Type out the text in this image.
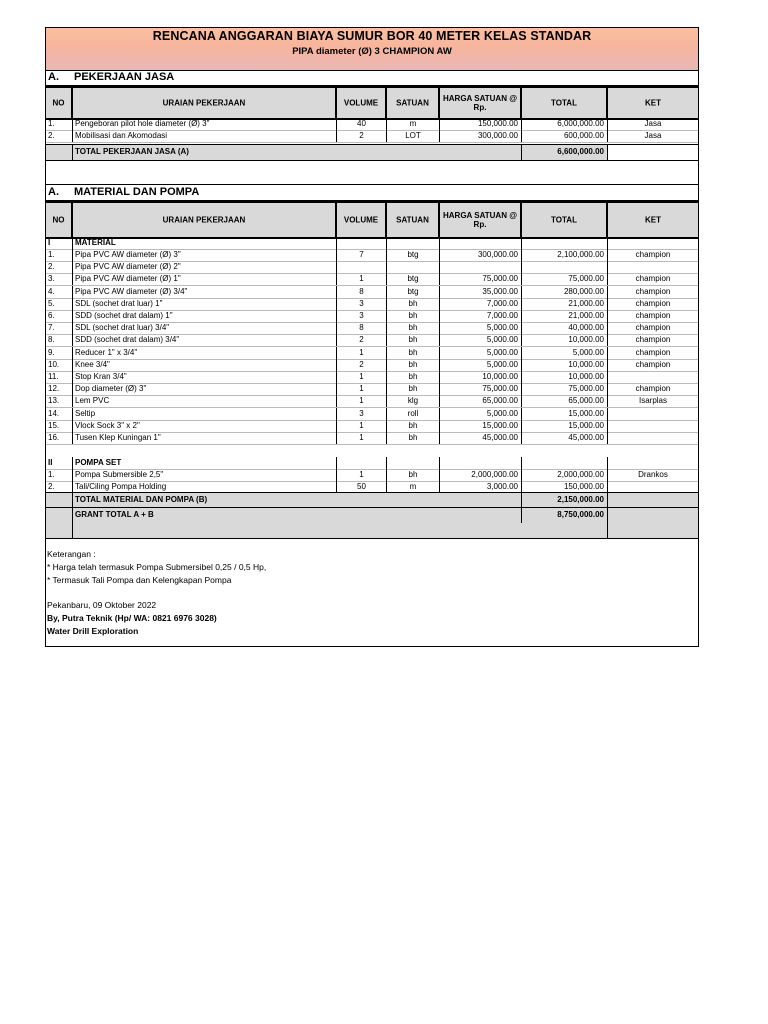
RENCANA ANGGARAN BIAYA SUMUR BOR 40 METER KELAS STANDAR
PIPA diameter (Ø) 3 CHAMPION AW
A. PEKERJAAN JASA
NO	URAIAN PEKERJAAN	VOLUME	SATUAN	HARGA SATUAN @ Rp.	TOTAL	KET
1.	Pengeboran pilot hole diameter (Ø) 3"	40	m	150,000.00	6,000,000.00	Jasa
2.	Mobilisasi dan Akomodasi	2	LOT	300,000.00	600,000.00	Jasa
TOTAL PEKERJAAN JASA (A)	6,600,000.00
A. MATERIAL DAN POMPA
NO	URAIAN PEKERJAAN	VOLUME	SATUAN	HARGA SATUAN @ Rp.	TOTAL	KET
I	MATERIAL
1.	Pipa PVC AW diameter (Ø) 3"	7	btg	300,000.00	2,100,000.00	champion
2.	Pipa PVC AW diameter (Ø) 2"
3.	Pipa PVC AW diameter (Ø) 1"	1	btg	75,000.00	75,000.00	champion
4.	Pipa PVC AW diameter (Ø) 3/4"	8	btg	35,000.00	280,000.00	champion
5.	SDL (sochet drat luar) 1"	3	bh	7,000.00	21,000.00	champion
6.	SDD (sochet drat dalam) 1"	3	bh	7,000.00	21,000.00	champion
7.	SDL (sochet drat luar) 3/4"	8	bh	5,000.00	40,000.00	champion
8.	SDD (sochet drat dalam) 3/4"	2	bh	5,000.00	10,000.00	champion
9.	Reducer 1" x 3/4"	1	bh	5,000.00	5,000.00	champion
10. Knee 3/4"	2	bh	5,000.00	10,000.00	champion
11. Stop Kran 3/4"	1	bh	10,000.00	10,000.00
12. Dop diameter (Ø) 3"	1	bh	75,000.00	75,000.00	champion
13. Lem PVC	1	klg	65,000.00	65,000.00	Isarplas
14. Seltip	3	roll	5,000.00	15,000.00
15. Vlock Sock 3" x 2"	1	bh	15,000.00	15,000.00
16. Tusen Klep Kuningan 1"	1	bh	45,000.00	45,000.00
II	POMPA SET
1.	Pompa Submersible 2,5"	1	bh	2,000,000.00	2,000,000.00	Drankos
2.	Tali/Ciling Pompa Holding	50	m	3,000.00	150,000.00
TOTAL MATERIAL DAN POMPA (B)	2,150,000.00
GRANT TOTAL A + B	8,750,000.00
Keterangan :
* Harga telah termasuk Pompa Submersibel 0,25 / 0,5 Hp,
* Termasuk Tali Pompa dan Kelengkapan Pompa
Pekanbaru, 09 Oktober 2022
By, Putra Teknik (Hp/ WA: 0821 6976 3028)
Water Drill Exploration
